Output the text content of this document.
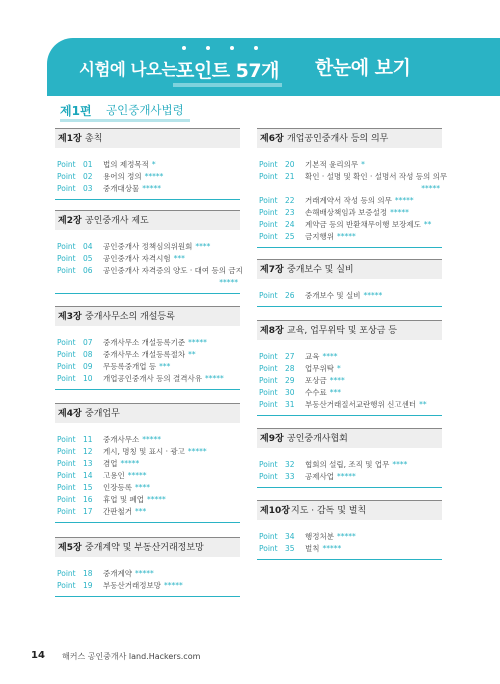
시험에 나오는 포인트 57개 한눈에 보기
제1편 공인중개사법령
제1장 총칙
Point 01 법의 제정목적 *
Point 02 용어의 정의 *****
Point 03 중개대상물 *****
제2장 공인중개사 제도
Point 04 공인중개사 정책심의위원회 ****
Point 05 공인중개사 자격시험 ***
Point 06 공인중개사 자격증의 양도 · 대여 등의 금지
*****
제3장 중개사무소의 개설등록
Point 07 중개사무소 개설등록기준 *****
Point 08 중개사무소 개설등록절차 **
Point 09 무등록중개업 등 ***
Point 10 개업공인중개사 등의 결격사유 *****
제4장 중개업무
Point 11 중개사무소 *****
Point 12 게시, 명칭 및 표시 · 광고 *****
Point 13 겸업 *****
Point 14 고용인 *****
Point 15 인장등록 ****
Point 16 휴업 및 폐업 *****
Point 17 간판철거 ***
제5장 중개계약 및 부동산거래정보망
Point 18 중개계약 *****
Point 19 부동산거래정보망 *****
제6장 개업공인중개사 등의 의무
Point 20 기본적 윤리의무 *
Point 21 확인 · 설명 및 확인 · 설명서 작성 등의 의무
*****
Point 22 거래계약서 작성 등의 의무 *****
Point 23 손해배상책임과 보증설정 *****
Point 24 계약금 등의 반환채무이행 보장제도 **
Point 25 금지행위 *****
제7장 중개보수 및 실비
Point 26 중개보수 및 실비 *****
제8장 교육, 업무위탁 및 포상금 등
Point 27 교육 ****
Point 28 업무위탁 *
Point 29 포상금 ****
Point 30 수수료 ***
Point 31 부동산거래질서교란행위 신고센터 **
제9장 공인중개사협회
Point 32 협회의 설립, 조직 및 업무 ****
Point 33 공제사업 *****
제10장 지도 · 감독 및 벌칙
Point 34 행정처분 *****
Point 35 벌칙 *****
14 해커스 공인중개사 land.Hackers.com
